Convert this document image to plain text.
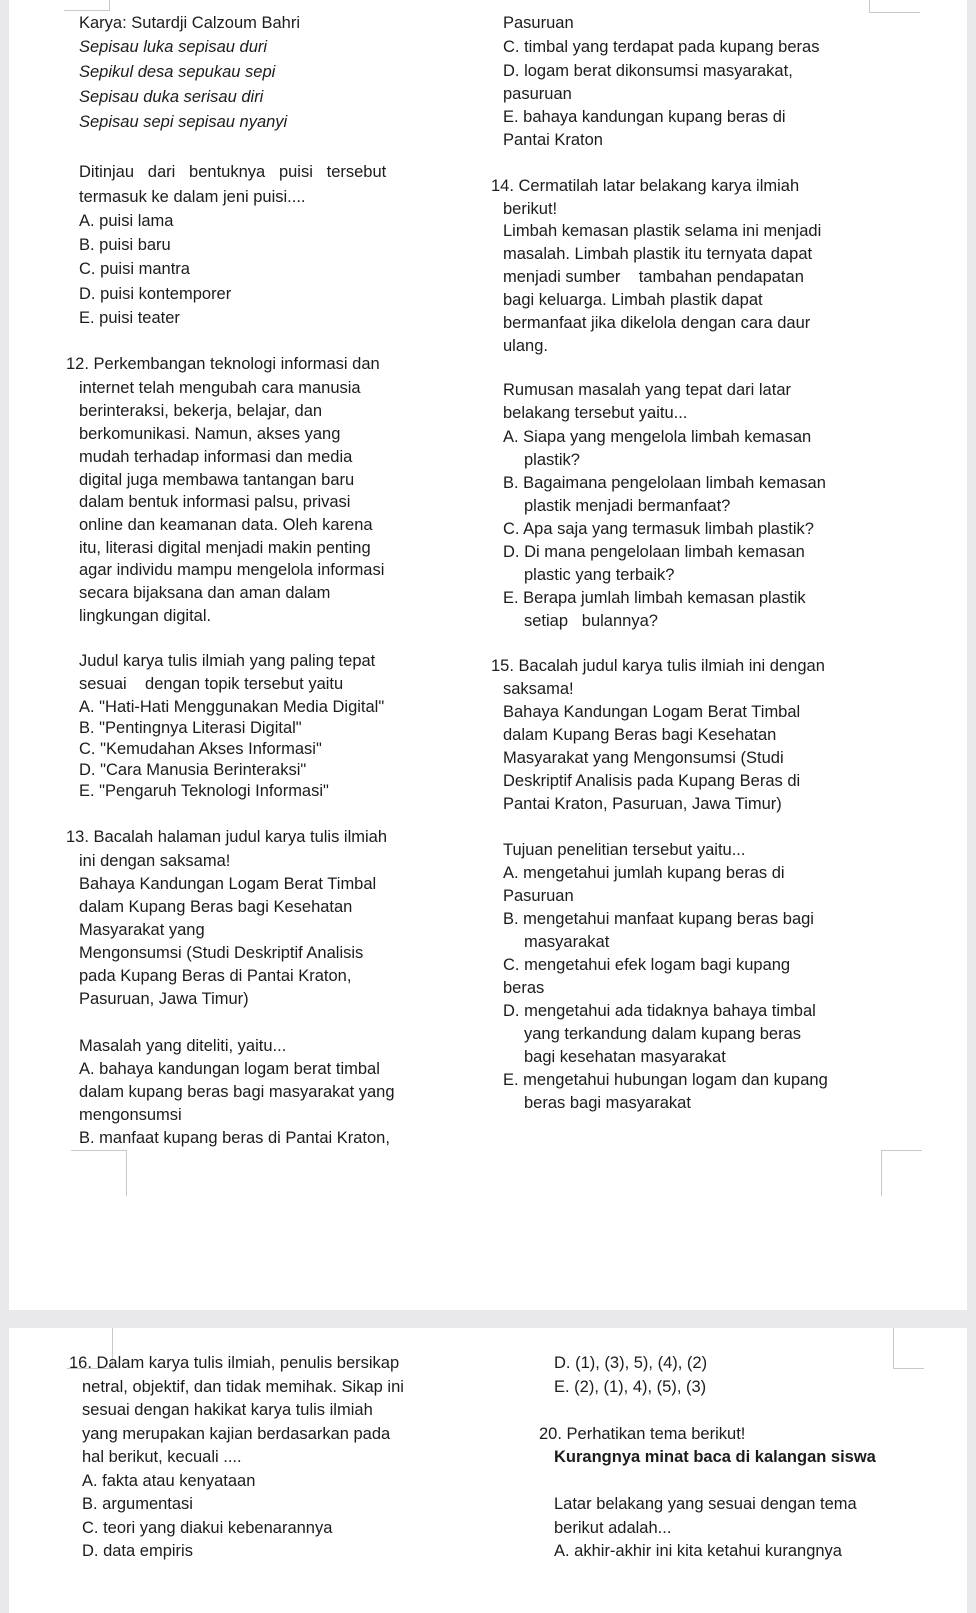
Karya: Sutardji Calzoum Bahri
Sepisau luka sepisau duri
Sepikul desa sepukau sepi
Sepisau duka serisau diri
Sepisau sepi sepisau nyanyi
Ditinjau   dari   bentuknya   puisi   tersebut
termasuk ke dalam jeni puisi....
A. puisi lama
B. puisi baru
C. puisi mantra
D. puisi kontemporer
E. puisi teater
12. Perkembangan teknologi informasi dan
internet telah mengubah cara manusia
berinteraksi, bekerja, belajar, dan
berkomunikasi. Namun, akses yang
mudah terhadap informasi dan media
digital juga membawa tantangan baru
dalam bentuk informasi palsu, privasi
online dan keamanan data. Oleh karena
itu, literasi digital menjadi makin penting
agar individu mampu mengelola informasi
secara bijaksana dan aman dalam
lingkungan digital.
Judul karya tulis ilmiah yang paling tepat
sesuai    dengan topik tersebut yaitu
A. "Hati-Hati Menggunakan Media Digital"
B. "Pentingnya Literasi Digital"
C. "Kemudahan Akses Informasi"
D. "Cara Manusia Berinteraksi"
E. "Pengaruh Teknologi Informasi"
13. Bacalah halaman judul karya tulis ilmiah
ini dengan saksama!
Bahaya Kandungan Logam Berat Timbal
dalam Kupang Beras bagi Kesehatan
Masyarakat yang
Mengonsumsi (Studi Deskriptif Analisis
pada Kupang Beras di Pantai Kraton,
Pasuruan, Jawa Timur)
Masalah yang diteliti, yaitu...
A. bahaya kandungan logam berat timbal
dalam kupang beras bagi masyarakat yang
mengonsumsi
B. manfaat kupang beras di Pantai Kraton,
Pasuruan
C. timbal yang terdapat pada kupang beras
D. logam berat dikonsumsi masyarakat,
pasuruan
E. bahaya kandungan kupang beras di
Pantai Kraton
14. Cermatilah latar belakang karya ilmiah
berikut!
Limbah kemasan plastik selama ini menjadi
masalah. Limbah plastik itu ternyata dapat
menjadi sumber    tambahan pendapatan
bagi keluarga. Limbah plastik dapat
bermanfaat jika dikelola dengan cara daur
ulang.
Rumusan masalah yang tepat dari latar
belakang tersebut yaitu...
A. Siapa yang mengelola limbah kemasan
plastik?
B. Bagaimana pengelolaan limbah kemasan
plastik menjadi bermanfaat?
C. Apa saja yang termasuk limbah plastik?
D. Di mana pengelolaan limbah kemasan
plastic yang terbaik?
E. Berapa jumlah limbah kemasan plastik
setiap   bulannya?
15. Bacalah judul karya tulis ilmiah ini dengan
saksama!
Bahaya Kandungan Logam Berat Timbal
dalam Kupang Beras bagi Kesehatan
Masyarakat yang Mengonsumsi (Studi
Deskriptif Analisis pada Kupang Beras di
Pantai Kraton, Pasuruan, Jawa Timur)
Tujuan penelitian tersebut yaitu...
A. mengetahui jumlah kupang beras di
Pasuruan
B. mengetahui manfaat kupang beras bagi
masyarakat
C. mengetahui efek logam bagi kupang
beras
D. mengetahui ada tidaknya bahaya timbal
yang terkandung dalam kupang beras
bagi kesehatan masyarakat
E. mengetahui hubungan logam dan kupang
beras bagi masyarakat
16. Dalam karya tulis ilmiah, penulis bersikap
netral, objektif, dan tidak memihak. Sikap ini
sesuai dengan hakikat karya tulis ilmiah
yang merupakan kajian berdasarkan pada
hal berikut, kecuali ....
A. fakta atau kenyataan
B. argumentasi
C. teori yang diakui kebenarannya
D. data empiris
D. (1), (3), 5), (4), (2)
E. (2), (1), 4), (5), (3)
20. Perhatikan tema berikut!
Kurangnya minat baca di kalangan siswa
Latar belakang yang sesuai dengan tema
berikut adalah...
A. akhir-akhir ini kita ketahui kurangnya
